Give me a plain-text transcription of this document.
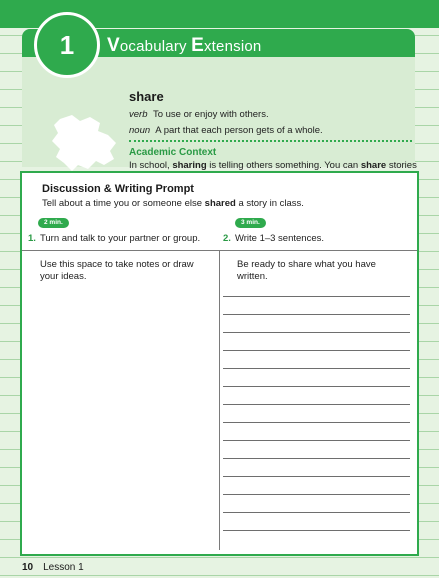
Vocabulary Extension
share
verb To use or enjoy with others.
noun A part that each person gets of a whole.
Academic Context
In school, sharing is telling others something. You can share stories
1
Discussion & Writing Prompt
Tell about a time you or someone else shared a story in class.
2 min.	3 min.
1. Turn and talk to your partner or group. 2. Write 1–3 sentences.
Use this space to take notes or draw your ideas.
Be ready to share what you have written.
10 Lesson 1
